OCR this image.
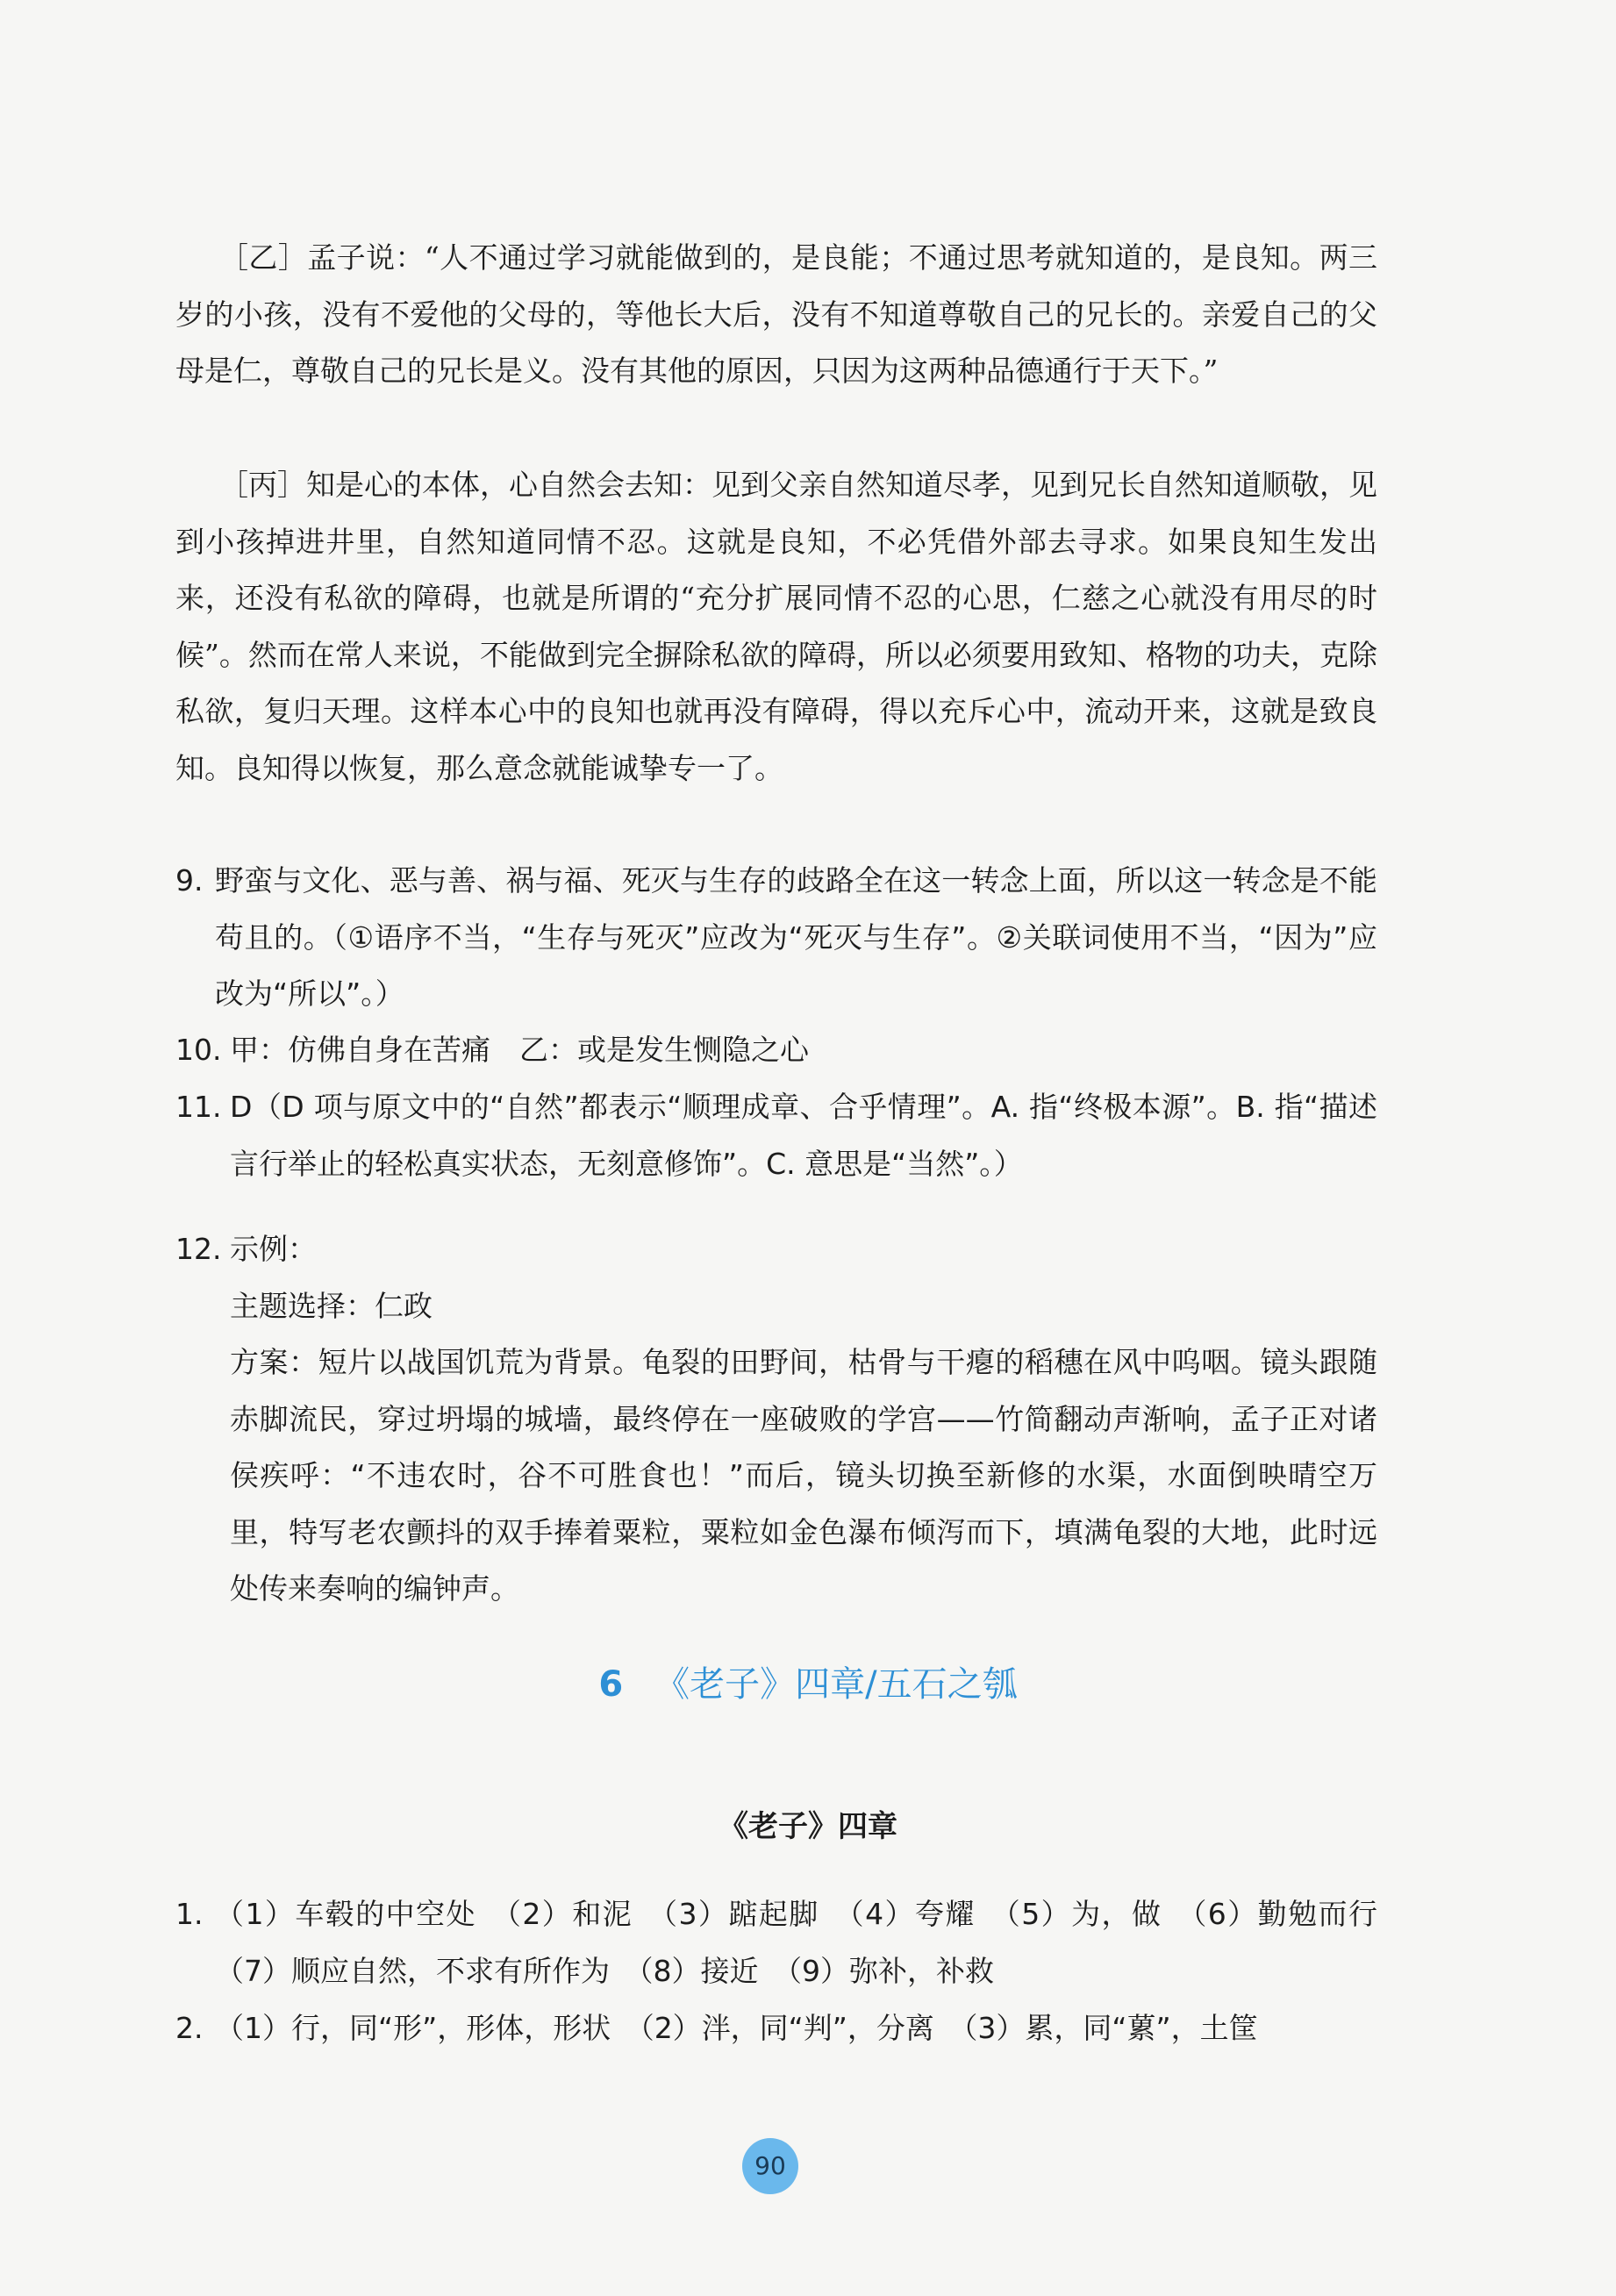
［乙］孟子说：“人不通过学习就能做到的，是良能；不通过思考就知道的，是良知。两三岁的小孩，没有不爱他的父母的，等他长大后，没有不知道尊敬自己的兄长的。亲爱自己的父母是仁，尊敬自己的兄长是义。没有其他的原因，只因为这两种品德通行于天下。”

［丙］知是心的本体，心自然会去知：见到父亲自然知道尽孝，见到兄长自然知道顺敬，见到小孩掉进井里，自然知道同情不忍。这就是良知，不必凭借外部去寻求。如果良知生发出来，还没有私欲的障碍，也就是所谓的“充分扩展同情不忍的心思，仁慈之心就没有用尽的时候”。然而在常人来说，不能做到完全摒除私欲的障碍，所以必须要用致知、格物的功夫，克除私欲，复归天理。这样本心中的良知也就再没有障碍，得以充斥心中，流动开来，这就是致良知。良知得以恢复，那么意念就能诚挚专一了。

9. 野蛮与文化、恶与善、祸与福、死灭与生存的歧路全在这一转念上面，所以这一转念是不能苟且的。（①语序不当，“生存与死灭”应改为“死灭与生存”。②关联词使用不当，“因为”应改为“所以”。）

10. 甲：仿佛自身在苦痛　乙：或是发生恻隐之心

11. D（D 项与原文中的“自然”都表示“顺理成章、合乎情理”。A. 指“终极本源”。B. 指“描述言行举止的轻松真实状态，无刻意修饰”。C. 意思是“当然”。）

12. 示例：

主题选择：仁政

方案：短片以战国饥荒为背景。龟裂的田野间，枯骨与干瘪的稻穗在风中呜咽。镜头跟随赤脚流民，穿过坍塌的城墙，最终停在一座破败的学宫——竹简翻动声渐响，孟子正对诸侯疾呼：“不违农时，谷不可胜食也！”而后，镜头切换至新修的水渠，水面倒映晴空万里，特写老农颤抖的双手捧着粟粒，粟粒如金色瀑布倾泻而下，填满龟裂的大地，此时远处传来奏响的编钟声。

6 《老子》四章/五石之瓠
《老子》四章
1. （1）车毂的中空处　（2）和泥　（3）踮起脚　（4）夸耀　（5）为，做　（6）勤勉而行　（7）顺应自然，不求有所作为　（8）接近　（9）弥补，补救

2. （1）行，同“形”，形体，形状　（2）泮，同“判”，分离　（3）累，同“蔂”，土筐

90
